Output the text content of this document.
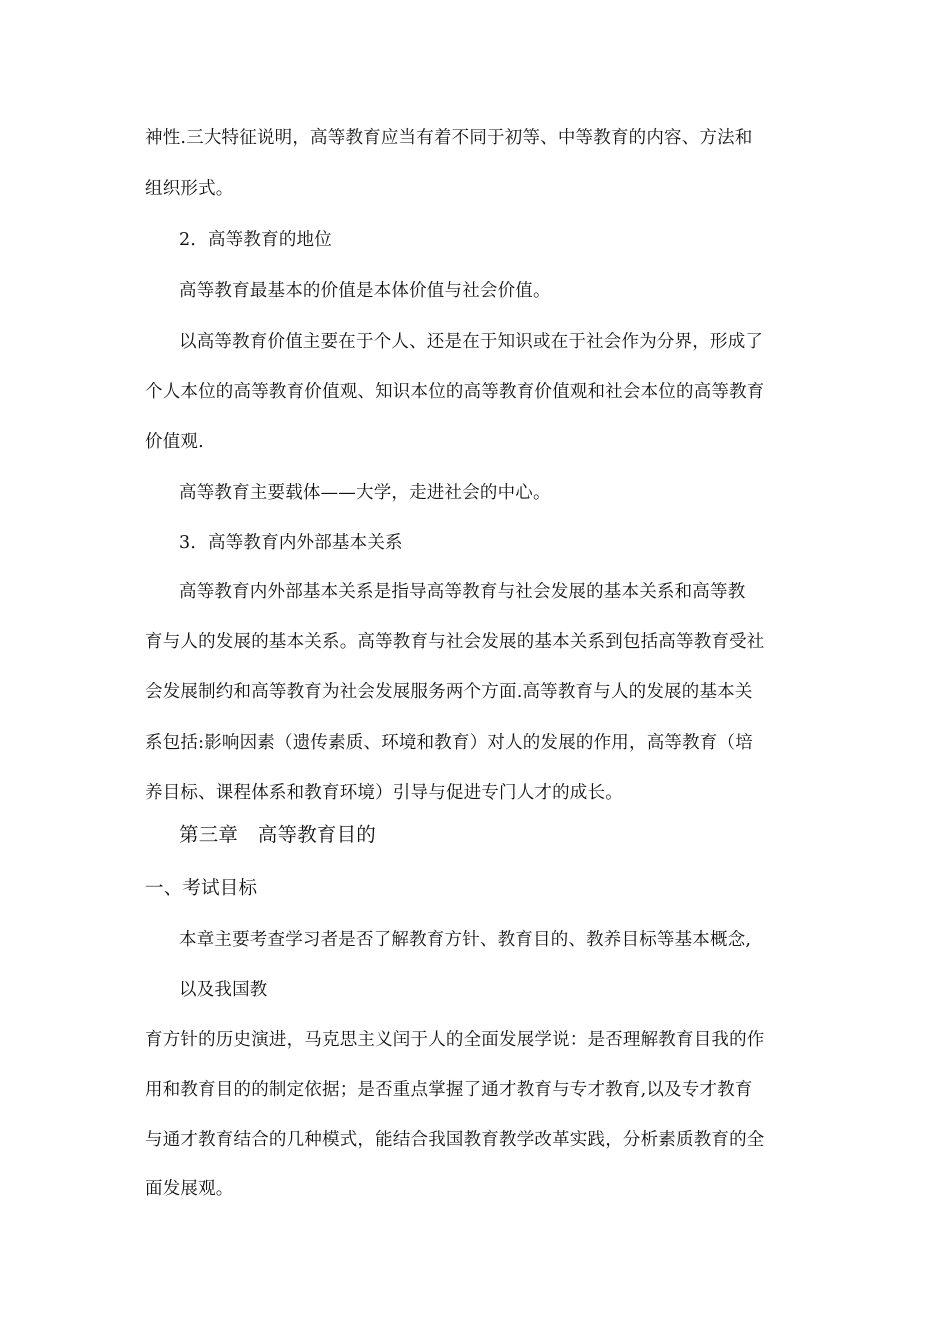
神性.三大特征说明，高等教育应当有着不同于初等、中等教育的内容、方法和
组织形式。
2．高等教育的地位
高等教育最基本的价值是本体价值与社会价值。
以高等教育价值主要在于个人、还是在于知识或在于社会作为分界，形成了
个人本位的高等教育价值观、知识本位的高等教育价值观和社会本位的高等教育
价值观.
高等教育主要载体——大学，走进社会的中心。
3．高等教育内外部基本关系
高等教育内外部基本关系是指导高等教育与社会发展的基本关系和高等教
育与人的发展的基本关系。高等教育与社会发展的基本关系到包括高等教育受社
会发展制约和高等教育为社会发展服务两个方面.高等教育与人的发展的基本关
系包括:影响因素（遗传素质、环境和教育）对人的发展的作用，高等教育（培
养目标、课程体系和教育环境）引导与促进专门人才的成长。
第三章　高等教育目的
一、考试目标
本章主要考查学习者是否了解教育方针、教育目的、教养目标等基本概念,
以及我国教
育方针的历史演进，马克思主义闰于人的全面发展学说：是否理解教育目我的作
用和教育目的的制定依据；是否重点掌握了通才教育与专才教育,以及专才教育
与通才教育结合的几种模式，能结合我国教育教学改革实践，分析素质教育的全
面发展观。
